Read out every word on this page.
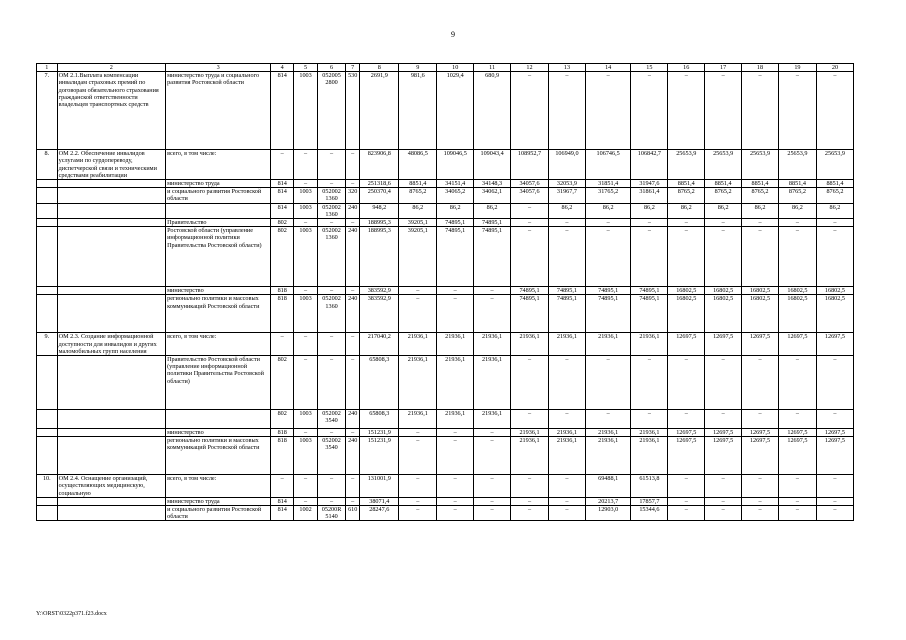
9
1	2	3	4	5	6	7	8	9	10	11	12	13	14	15	16	17	18	19	20
7.	ОМ 2.1.Выплата компенсации инвалидам страховых премий по договорам обязательного страхования гражданской ответственности владельцев транспортных средств	министерство труда и социального развития Ростовской области	814	1003	052005 2800	530	2691,9	981,6	1029,4	680,9	–	–	–	–	–	–	–	–	–
8.	ОМ 2.2. Обеспечение инвалидов услугами по сурдопереводу, диспетчерской связи и техническими средствами реабилитации	всего, в том числе:	–	–	–	–	823906,8	48086,5	109046,5	109043,4	108952,7	106949,0	106746,5	106842,7	25653,9	25653,9	25653,9	25653,9	25653,9
		министерство труда	814	–	–	–	251318,6	8851,4	34151,4	34148,3	34057,6	32053,9	31851,4	31947,6	8851,4	8851,4	8851,4	8851,4	8851,4
		и социального развития Ростовской области	814	1003	052002 1360	320	250370,4	8765,2	34065,2	34062,1	34057,6	31967,7	31765,2	31861,4	8765,2	8765,2	8765,2	8765,2	8765,2
			814	1003	052002 1360	240	948,2	86,2	86,2	86,2	–	86,2	86,2	86,2	86,2	86,2	86,2	86,2	86,2
		Правительство	802	–	–	–	188995,3	39205,1	74895,1	74895,1	–	–	–	–	–	–	–	–	–
		Ростовской области (управление информационной политики Правительства Ростовской области)	802	1003	052002 1360	240	188995,3	39205,1	74895,1	74895,1	–	–	–	–	–	–	–	–	–
		министерство	818	–	–	–	383592,9	–	–	–	74895,1	74895,1	74895,1	74895,1	16802,5	16802,5	16802,5	16802,5	16802,5
		регионально политики и массовых коммуникаций Ростовской области	818	1003	052002 1360	240	383592,9	–	–	–	74895,1	74895,1	74895,1	74895,1	16802,5	16802,5	16802,5	16802,5	16802,5
9.	ОМ 2.3. Создание информационной доступности для инвалидов и других маломобильных групп населения	всего, в том числе:	–	–	–	–	217040,2	21936,1	21936,1	21936,1	21936,1	21936,1	21936,1	21936,1	12697,5	12697,5	12697,5	12697,5	12697,5
		Правительство Ростовской области (управление информационной политики Правительства Ростовской области)	802	–	–	–	65808,3	21936,1	21936,1	21936,1	–	–	–	–	–	–	–	–	–
			802	1003	052002 3540	240	65808,3	21936,1	21936,1	21936,1	–	–	–	–	–	–	–	–	–
		министерство	818	–	–	–	151231,9	–	–	–	21936,1	21936,1	21936,1	21936,1	12697,5	12697,5	12697,5	12697,5	12697,5
		регионально политики и массовых коммуникаций Ростовской области	818	1003	052002 3540	240	151231,9	–	–	–	21936,1	21936,1	21936,1	21936,1	12697,5	12697,5	12697,5	12697,5	12697,5
10.	ОМ 2.4. Оснащение организаций, осуществляющих медицинскую, социальную	всего, в том числе:	–	–	–	–	131001,9	–	–	–	–	–	69488,1	61513,8	–	–	–	–	–
		министерство труда	814	–	–	–	38071,4	–	–	–	–	–	20213,7	17857,7	–	–	–	–	–
		и социального развития Ростовской области	814	1002	05200R 5140	610	28247,6	–	–	–	–	–	12903,0	15344,6	–	–	–	–	–
Y:\ORST\0322p371.f23.docx
